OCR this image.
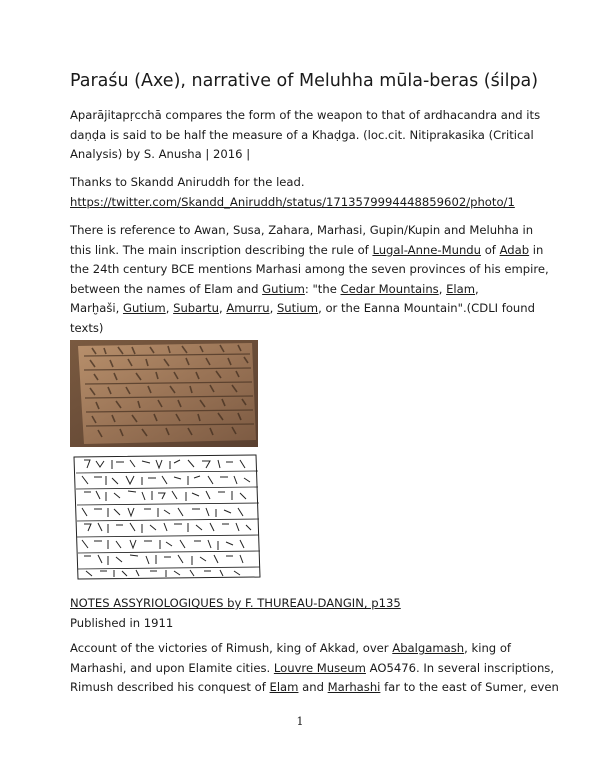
Paraśu (Axe), narrative of Meluhha mūla-beras (śilpa)
Aparājitapṛcchā compares the form of the weapon to that of ardhacandra and its
daṇḍa is said to be half the measure of a Khaḍga. (loc.cit. Nitiprakasika (Critical
Analysis) by S. Anusha | 2016 |
Thanks to Skandd Aniruddh for the lead.
https://twitter.com/Skandd_Aniruddh/status/1713579994448859602/photo/1
There is reference to Awan, Susa, Zahara, Marhasi, Gupin/Kupin and Meluhha in
this link. The main inscription describing the rule of Lugal-Anne-Mundu of Adab in
the 24th century BCE mentions Marhasi among the seven provinces of his empire,
between the names of Elam and Gutium: "the Cedar Mountains, Elam,
Marḫaši, Gutium, Subartu, Amurru, Sutium, or the Eanna Mountain".(CDLI found
texts)
NOTES ASSYRIOLOGIQUES by F. THUREAU-DANGIN, p135
Published in 1911
Account of the victories of Rimush, king of Akkad, over Abalgamash, king of
Marhashi, and upon Elamite cities. Louvre Museum AO5476. In several inscriptions,
Rimush described his conquest of Elam and Marhashi far to the east of Sumer, even
1
